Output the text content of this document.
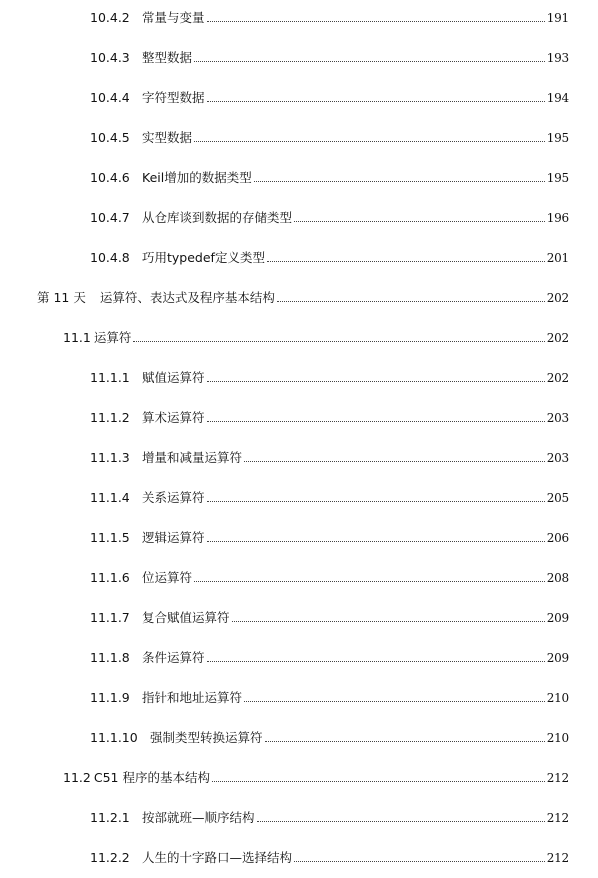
10.4.2 常量与变量	191
10.4.3 整型数据	193
10.4.4 字符型数据	194
10.4.5 实型数据	195
10.4.6 Keil增加的数据类型	195
10.4.7 从仓库谈到数据的存储类型	196
10.4.8 巧用typedef定义类型	201
第 11 天 运算符、表达式及程序基本结构	202
11.1 运算符	202
11.1.1 赋值运算符	202
11.1.2 算术运算符	203
11.1.3 增量和减量运算符	203
11.1.4 关系运算符	205
11.1.5 逻辑运算符	206
11.1.6 位运算符	208
11.1.7 复合赋值运算符	209
11.1.8 条件运算符	209
11.1.9 指针和地址运算符	210
11.1.10 强制类型转换运算符	210
11.2 C51 程序的基本结构	212
11.2.1 按部就班—顺序结构	212
11.2.2 人生的十字路口—选择结构	212
